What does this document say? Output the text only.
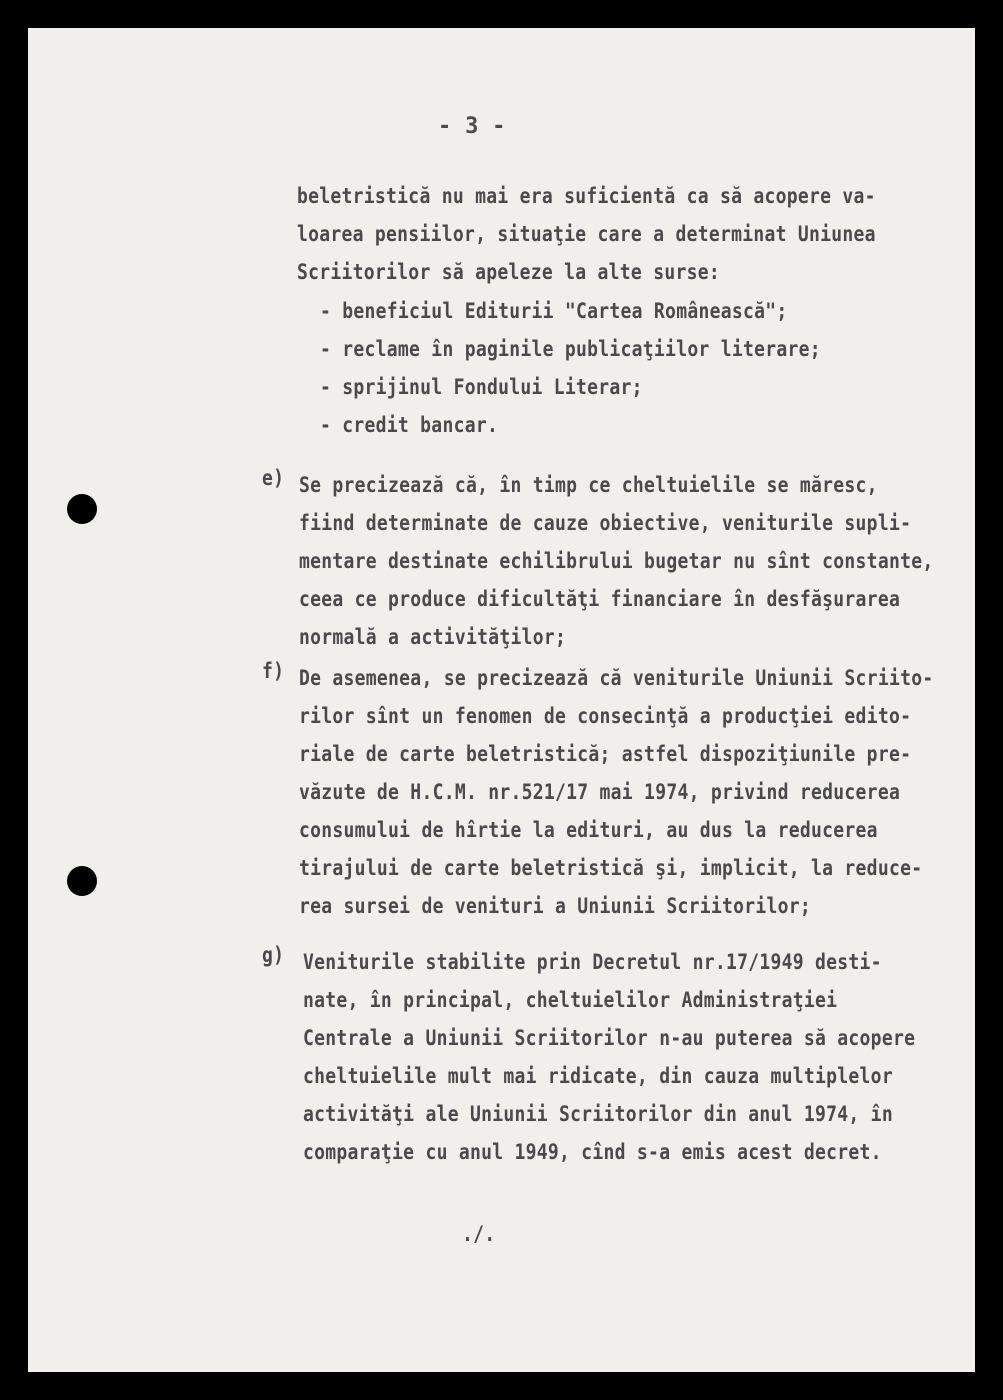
- 3 -
beletristică nu mai era suficientă ca să acopere va-
loarea pensiilor, situaţie care a determinat Uniunea
Scriitorilor să apeleze la alte surse:
- beneficiul Editurii "Cartea Românească";
- reclame în paginile publicaţiilor literare;
- sprijinul Fondului Literar;
- credit bancar.
e) Se precizează că, în timp ce cheltuielile se măresc,
fiind determinate de cauze obiective, veniturile supli-
mentare destinate echilibrului bugetar nu sînt constante,
ceea ce produce dificultăţi financiare în desfăşurarea
normală a activităţilor;
f) De asemenea, se precizează că veniturile Uniunii Scriito-
rilor sînt un fenomen de consecinţă a producţiei edito-
riale de carte beletristică; astfel dispoziţiunile pre-
văzute de H.C.M. nr.521/17 mai 1974, privind reducerea
consumului de hîrtie la edituri, au dus la reducerea
tirajului de carte beletristică şi, implicit, la reduce-
rea sursei de venituri a Uniunii Scriitorilor;
g) Veniturile stabilite prin Decretul nr.17/1949 desti-
nate, în principal, cheltuielilor Administraţiei
Centrale a Uniunii Scriitorilor n-au puterea să acopere
cheltuielile mult mai ridicate, din cauza multiplelor
activităţi ale Uniunii Scriitorilor din anul 1974, în
comparaţie cu anul 1949, cînd s-a emis acest decret.
./.
